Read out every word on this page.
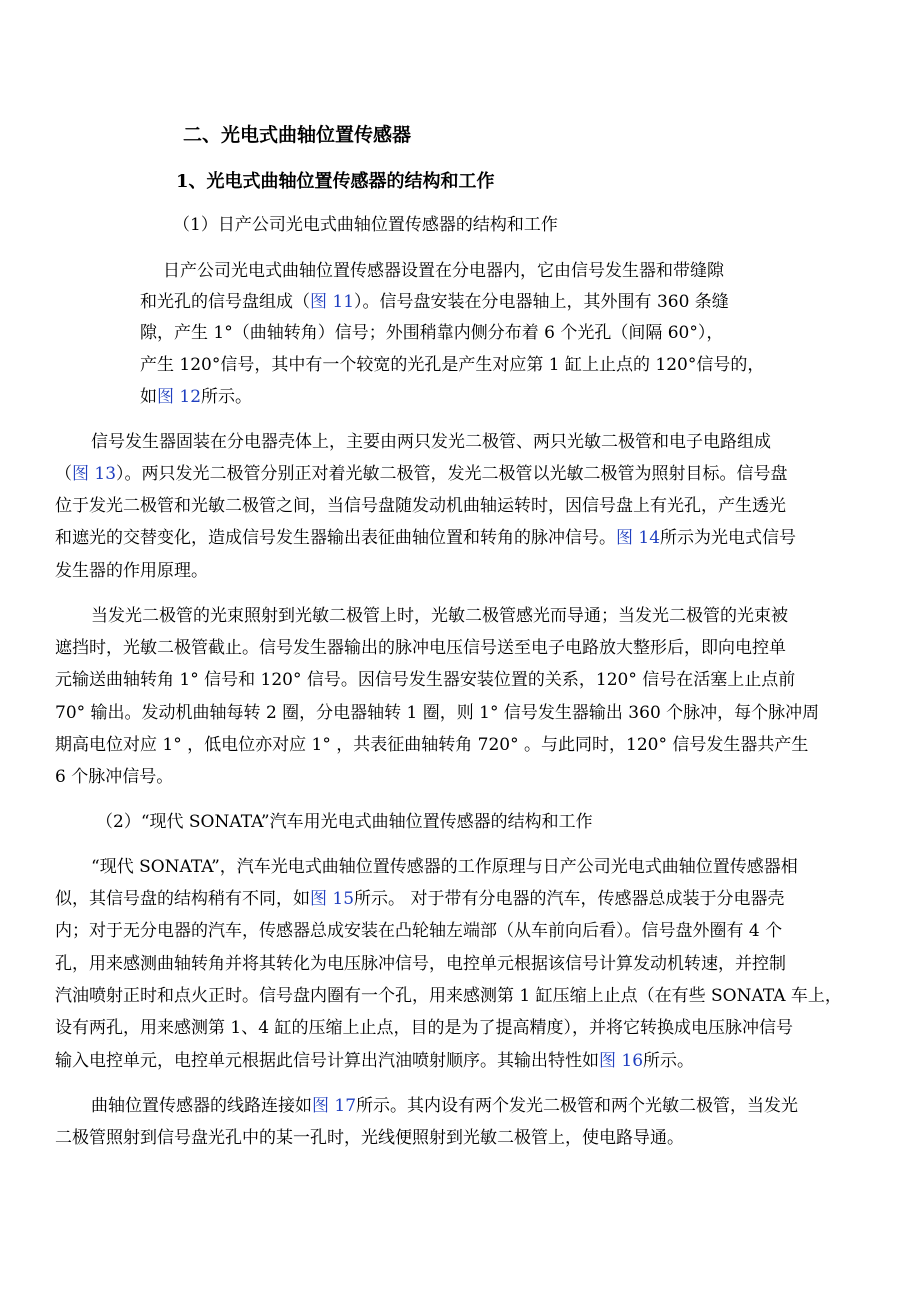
二、光电式曲轴位置传感器
1、光电式曲轴位置传感器的结构和工作
（1）日产公司光电式曲轴位置传感器的结构和工作
日产公司光电式曲轴位置传感器设置在分电器内，它由信号发生器和带缝隙
和光孔的信号盘组成（图 11）。信号盘安装在分电器轴上，其外围有 360 条缝
隙，产生 1°（曲轴转角）信号；外围稍靠内侧分布着 6 个光孔（间隔 60°），
产生 120°信号，其中有一个较宽的光孔是产生对应第 1 缸上止点的 120°信号的，
如图 12所示。
信号发生器固装在分电器壳体上，主要由两只发光二极管、两只光敏二极管和电子电路组成
（图 13）。两只发光二极管分别正对着光敏二极管，发光二极管以光敏二极管为照射目标。信号盘
位于发光二极管和光敏二极管之间，当信号盘随发动机曲轴运转时，因信号盘上有光孔，产生透光
和遮光的交替变化，造成信号发生器输出表征曲轴位置和转角的脉冲信号。图 14所示为光电式信号
发生器的作用原理。
当发光二极管的光束照射到光敏二极管上时，光敏二极管感光而导通；当发光二极管的光束被
遮挡时，光敏二极管截止。信号发生器输出的脉冲电压信号送至电子电路放大整形后，即向电控单
元输送曲轴转角 1° 信号和 120° 信号。因信号发生器安装位置的关系，120° 信号在活塞上止点前
70° 输出。发动机曲轴每转 2 圈，分电器轴转 1 圈，则 1° 信号发生器输出 360 个脉冲，每个脉冲周
期高电位对应 1° ，低电位亦对应 1° ，共表征曲轴转角 720° 。与此同时，120° 信号发生器共产生
6 个脉冲信号。
（2）“现代 SONATA”汽车用光电式曲轴位置传感器的结构和工作
“现代 SONATA”，汽车光电式曲轴位置传感器的工作原理与日产公司光电式曲轴位置传感器相
似，其信号盘的结构稍有不同，如图 15所示。 对于带有分电器的汽车，传感器总成装于分电器壳
内；对于无分电器的汽车，传感器总成安装在凸轮轴左端部（从车前向后看）。信号盘外圈有 4 个
孔，用来感测曲轴转角并将其转化为电压脉冲信号，电控单元根据该信号计算发动机转速，并控制
汽油喷射正时和点火正时。信号盘内圈有一个孔，用来感测第 1 缸压缩上止点（在有些 SONATA 车上，
设有两孔，用来感测第 1、4 缸的压缩上止点，目的是为了提高精度），并将它转换成电压脉冲信号
输入电控单元，电控单元根据此信号计算出汽油喷射顺序。其输出特性如图 16所示。
曲轴位置传感器的线路连接如图 17所示。其内设有两个发光二极管和两个光敏二极管，当发光
二极管照射到信号盘光孔中的某一孔时，光线便照射到光敏二极管上，使电路导通。
